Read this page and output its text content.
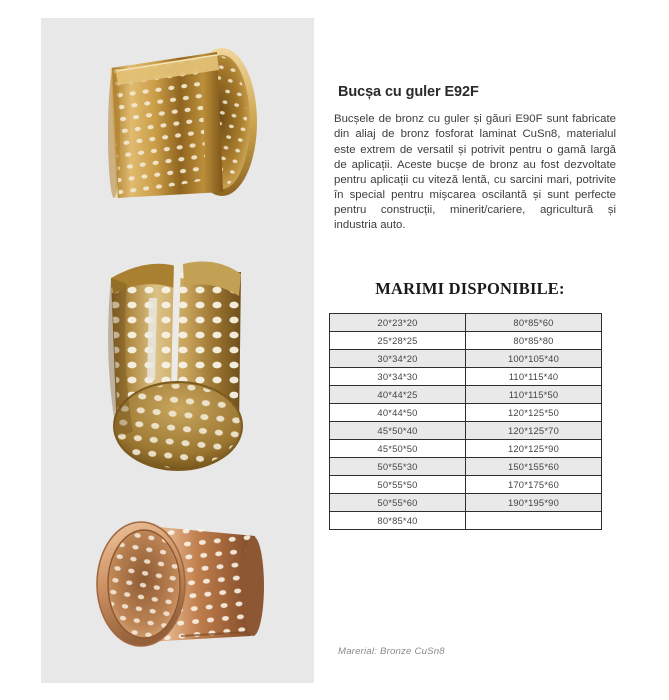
Bucșa cu guler E92F

Bucșele de bronz cu guler și găuri E90F sunt fabricate din aliaj de bronz fosforat laminat CuSn8, materialul este extrem de versatil și potrivit pentru o gamă largă de aplicații. Aceste bucșe de bronz au fost dezvoltate pentru aplicații cu viteză lentă, cu sarcini mari, potrivite în special pentru mișcarea oscilantă și sunt perfecte pentru construcții, minerit/cariere, agricultură și industria auto.

MARIMI DISPONIBILE:
20*23*20	80*85*60
25*28*25	80*85*80
30*34*20	100*105*40
30*34*30	110*115*40
40*44*25	110*115*50
40*44*50	120*125*50
45*50*40	120*125*70
45*50*50	120*125*90
50*55*30	150*155*60
50*55*50	170*175*60
50*55*60	190*195*90
80*85*40	
Marerial: Bronze CuSn8
